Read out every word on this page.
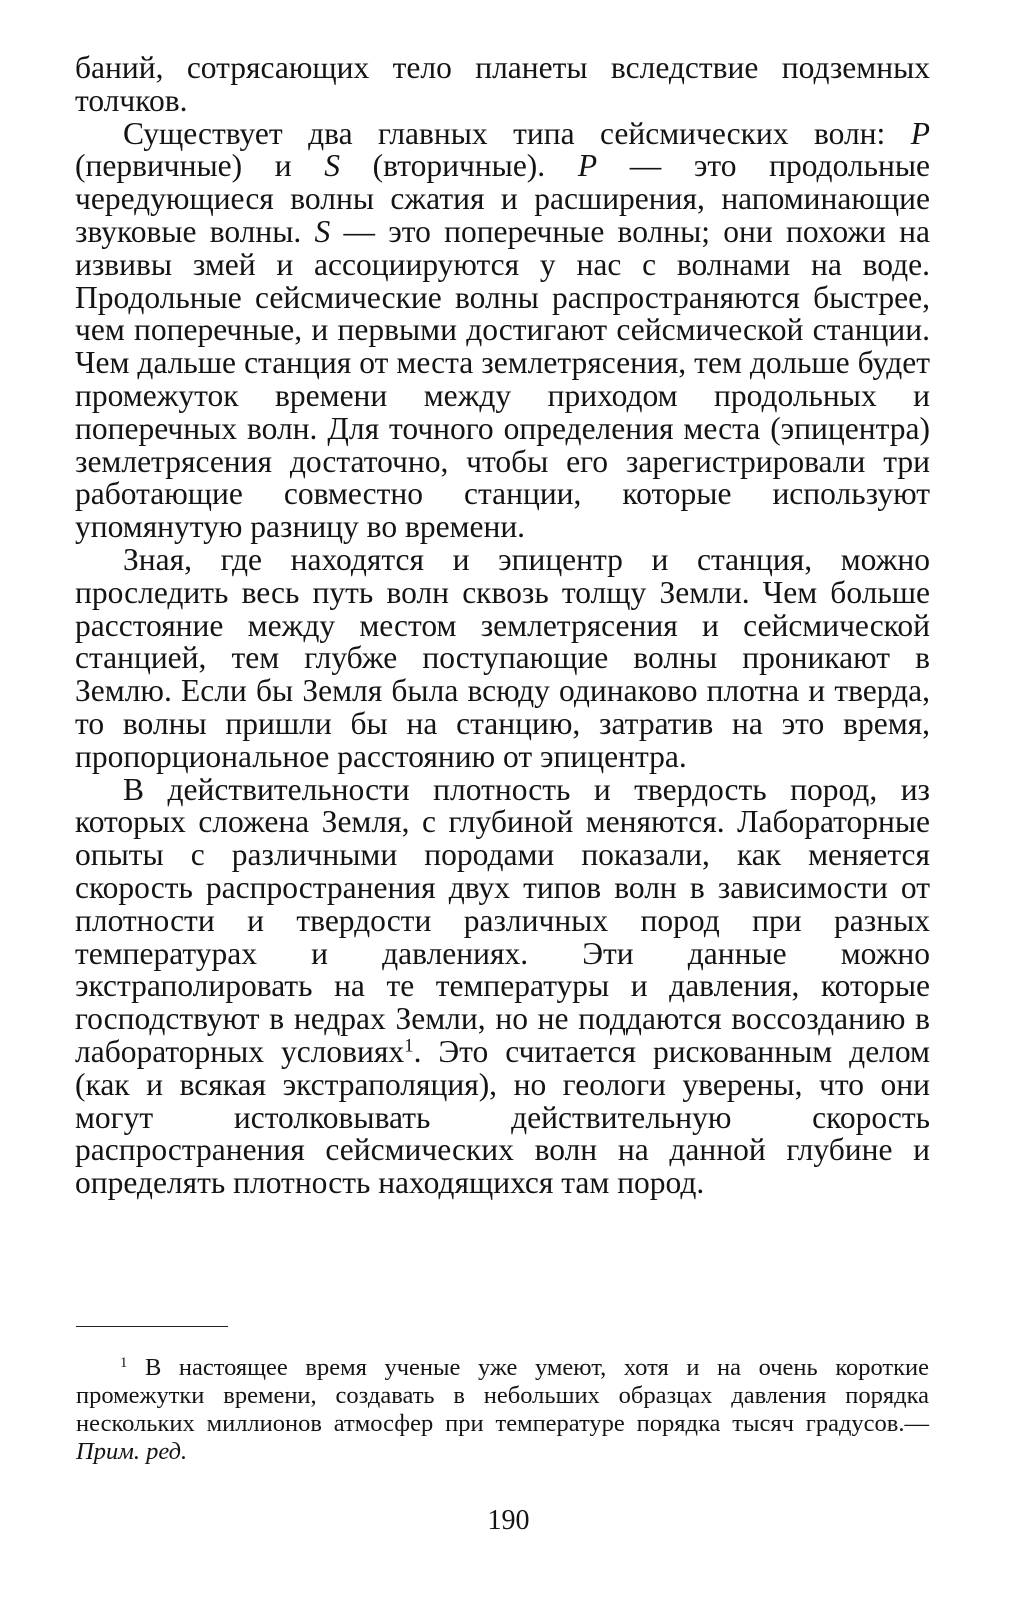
баний, сотрясающих тело планеты вследствие подземных толчков.

Существует два главных типа сейсмических волн: P (первичные) и S (вторичные). P — это продольные чередующиеся волны сжатия и расширения, напоминающие звуковые волны. S — это поперечные волны; они похожи на извивы змей и ассоциируются у нас с волнами на воде. Продольные сейсмические волны распространяются быстрее, чем поперечные, и первыми достигают сейсмической станции. Чем дальше станция от места землетрясения, тем дольше будет промежуток времени между приходом продольных и поперечных волн. Для точного определения места (эпицентра) землетрясения достаточно, чтобы его зарегистрировали три работающие совместно станции, которые используют упомянутую разницу во времени.

Зная, где находятся и эпицентр и станция, можно проследить весь путь волн сквозь толщу Земли. Чем больше расстояние между местом землетрясения и сейсмической станцией, тем глубже поступающие волны проникают в Землю. Если бы Земля была всюду одинаково плотна и тверда, то волны пришли бы на станцию, затратив на это время, пропорциональное расстоянию от эпицентра.

В действительности плотность и твердость пород, из которых сложена Земля, с глубиной меняются. Лабораторные опыты с различными породами показали, как меняется скорость распространения двух типов волн в зависимости от плотности и твердости различных пород при разных температурах и давлениях. Эти данные можно экстраполировать на те температуры и давления, которые господствуют в недрах Земли, но не поддаются воссозданию в лабораторных условиях$^1$. Это считается рискованным делом (как и всякая экстраполяция), но геологи уверены, что они могут истолковывать действительную скорость распространения сейсмических волн на данной глубине и определять плотность находящихся там пород.

$^1$ В настоящее время ученые уже умеют, хотя и на очень короткие промежутки времени, создавать в небольших образцах давления порядка нескольких миллионов атмосфер при температуре порядка тысяч градусов.— Прим. ред.

190
